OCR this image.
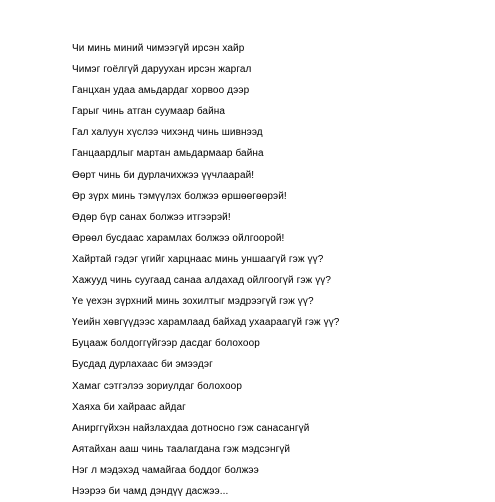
Чи минь миний чимээгүй ирсэн хайр
Чимэг гоёлгүй даруухан ирсэн жаргал
Ганцхан удаа амьдардаг хорвоо дээр
Гарыг чинь атган суумаар байна
Гал халуун хүслээ чихэнд чинь шивнээд
Ганцаардлыг мартан амьдармаар байна
Өөрт чинь би дурлачихжээ үүчлаарай!
Өр зүрх минь тэмүүлэх болжээ өршөөгөөрэй!
Өдөр бүр санах болжээ итгээрэй!
Өрөөл бусдаас харамлах болжээ ойлгоорой!
Хайртай гэдэг үгийг харцнаас минь уншаагүй гэж үү?
Хажууд чинь суугаад санаа алдахад ойлгоогүй гэж үү?
Үе үехэн зүрхний минь зохилтыг мэдрээгүй гэж үү?
Үеийн хөвгүүдээс харамлаад байхад ухаараагүй гэж үү?
Буцааж болдоггүйгээр дасдаг болохоор
Бусдад дурлахаас би эмээдэг
Хамаг сэтгэлээ зориулдаг болохоор
Хаяха би хайраас айдаг
Анирггүйхэн найзлахдаа дотносно гэж санасангүй
Аятайхан ааш чинь таалагдана гэж мэдсэнгүй
Нэг л мэдэхэд чамайгаа боддог болжээ
Нээрээ би чамд дэндүү дасжээ...
